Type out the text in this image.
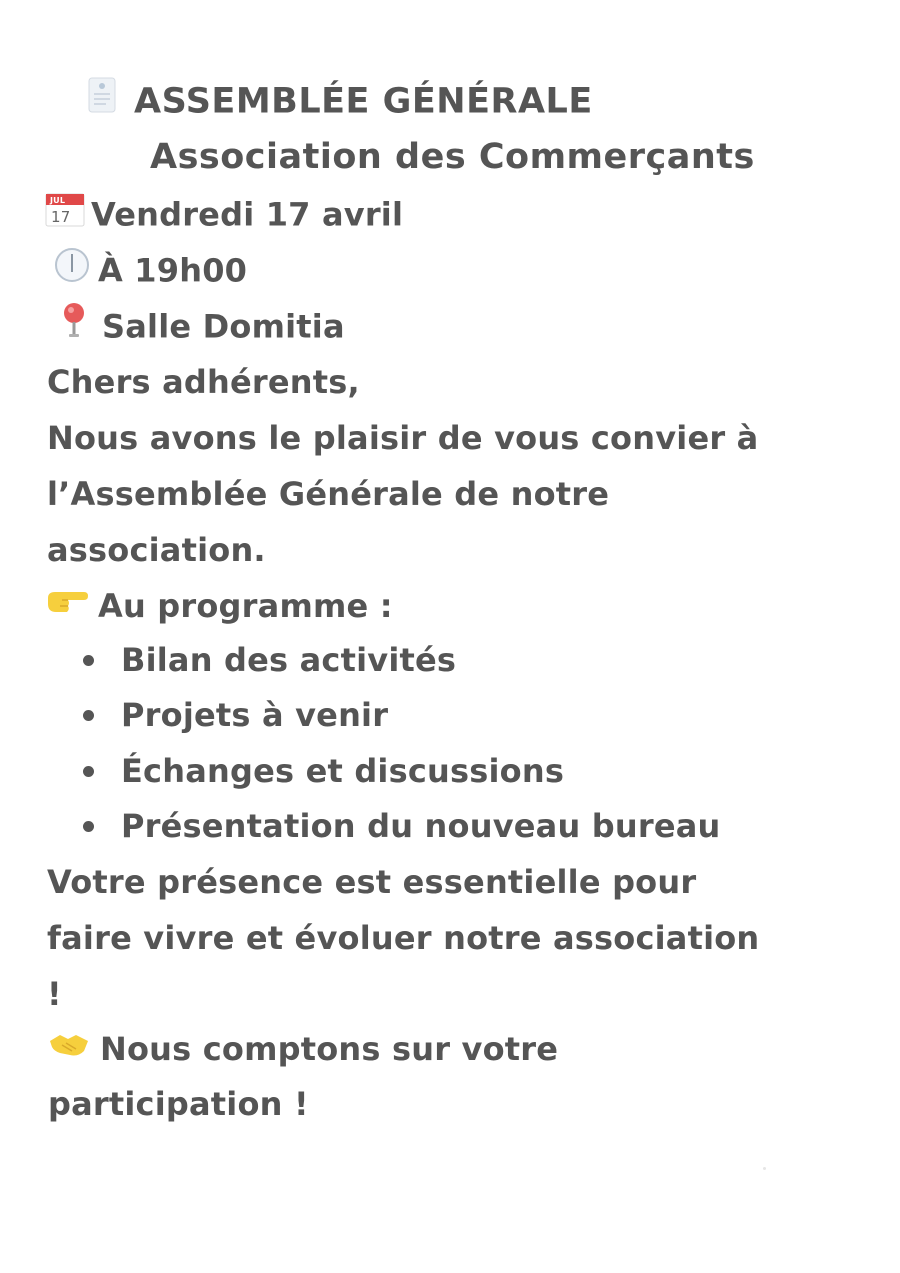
ASSEMBLÉE GÉNÉRALE
Association des Commerçants
JUL
17 Vendredi 17 avril
À 19h00
Salle Domitia
Chers adhérents,
Nous avons le plaisir de vous convier à
l’Assemblée Générale de notre
association.
Au programme :
Bilan des activités
Projets à venir
Échanges et discussions
Présentation du nouveau bureau
Votre présence est essentielle pour
faire vivre et évoluer notre association
!
Nous comptons sur votre
participation !
